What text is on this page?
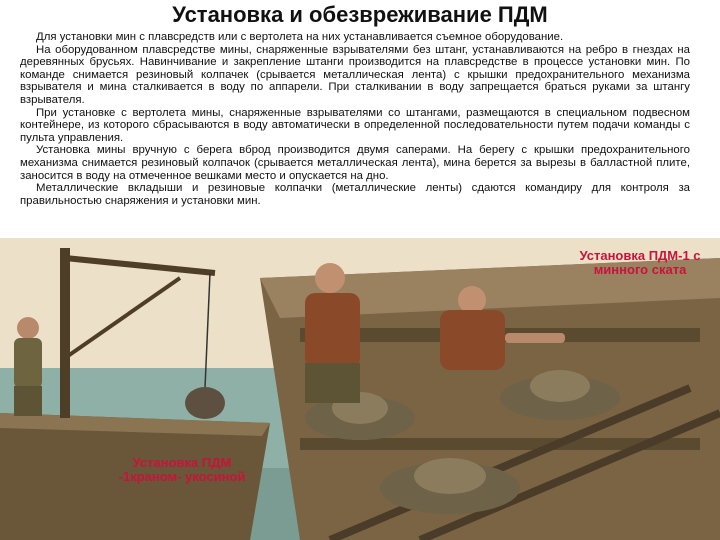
Установка и обезвреживание ПДМ

Для установки мин с плавсредств или с вертолета на них устанавливается съемное оборудование.

На оборудованном плавсредстве мины, снаряженные взрывателями без штанг, устанавливаются на ребро в гнездах на деревянных брусьях. Навинчивание и закрепление штанги производится на плавсредстве в процессе установки мин. По команде снимается резиновый колпачек (срывается металлическая лента) с крышки предохранительного механизма взрывателя и мина сталкивается в воду по аппарели. При сталкивании в воду запрещается браться руками за штангу взрывателя.

При установке с вертолета мины, снаряженные взрывателями со штангами, размещаются в специальном подвесном контейнере, из которого сбрасываются в воду автоматически в определенной последовательности путем подачи команды с пульта управления.

Установка мины вручную с берега вброд производится двумя саперами. На берегу с крышки предохранительного механизма снимается резиновый колпачок (срывается металлическая лента), мина берется за вырезы в балластной плите, заносится в воду на отмеченное вешками место и опускается на дно.

Металлические вкладыши и резиновые колпачки (металлические ленты) сдаются командиру для контроля за правильностью снаряжения и установки мин.

Установка ПДМ-1 с минного ската
Установка ПДМ -1краном- укосиной
